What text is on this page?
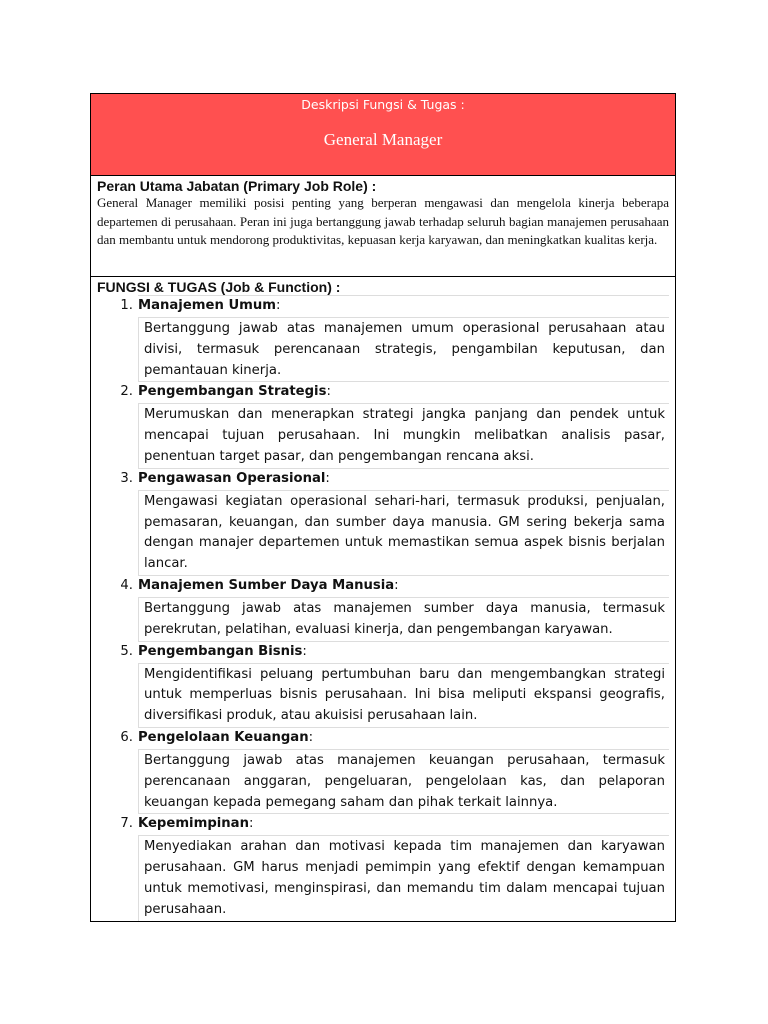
Deskripsi Fungsi & Tugas :
General Manager
Peran Utama Jabatan (Primary Job Role) :

General Manager memiliki posisi penting yang berperan mengawasi dan mengelola kinerja beberapa departemen di perusahaan. Peran ini juga bertanggung jawab terhadap seluruh bagian manajemen perusahaan dan membantu untuk mendorong produktivitas, kepuasan kerja karyawan, dan meningkatkan kualitas kerja.

FUNGSI & TUGAS (Job & Function) :
1. Manajemen Umum :
Bertanggung jawab atas manajemen umum operasional perusahaan atau divisi, termasuk perencanaan strategis, pengambilan keputusan, dan pemantauan kinerja.
2. Pengembangan Strategis :
Merumuskan dan menerapkan strategi jangka panjang dan pendek untuk mencapai tujuan perusahaan. Ini mungkin melibatkan analisis pasar, penentuan target pasar, dan pengembangan rencana aksi.
3. Pengawasan Operasional :
Mengawasi kegiatan operasional sehari-hari, termasuk produksi, penjualan, pemasaran, keuangan, dan sumber daya manusia. GM sering bekerja sama dengan manajer departemen untuk memastikan semua aspek bisnis berjalan lancar.
4. Manajemen Sumber Daya Manusia :
Bertanggung jawab atas manajemen sumber daya manusia, termasuk perekrutan, pelatihan, evaluasi kinerja, dan pengembangan karyawan.
5. Pengembangan Bisnis :
Mengidentifikasi peluang pertumbuhan baru dan mengembangkan strategi untuk memperluas bisnis perusahaan. Ini bisa meliputi ekspansi geografis, diversifikasi produk, atau akuisisi perusahaan lain.
6. Pengelolaan Keuangan :
Bertanggung jawab atas manajemen keuangan perusahaan, termasuk perencanaan anggaran, pengeluaran, pengelolaan kas, dan pelaporan keuangan kepada pemegang saham dan pihak terkait lainnya.
7. Kepemimpinan :
Menyediakan arahan dan motivasi kepada tim manajemen dan karyawan perusahaan. GM harus menjadi pemimpin yang efektif dengan kemampuan untuk memotivasi, menginspirasi, dan memandu tim dalam mencapai tujuan perusahaan.
